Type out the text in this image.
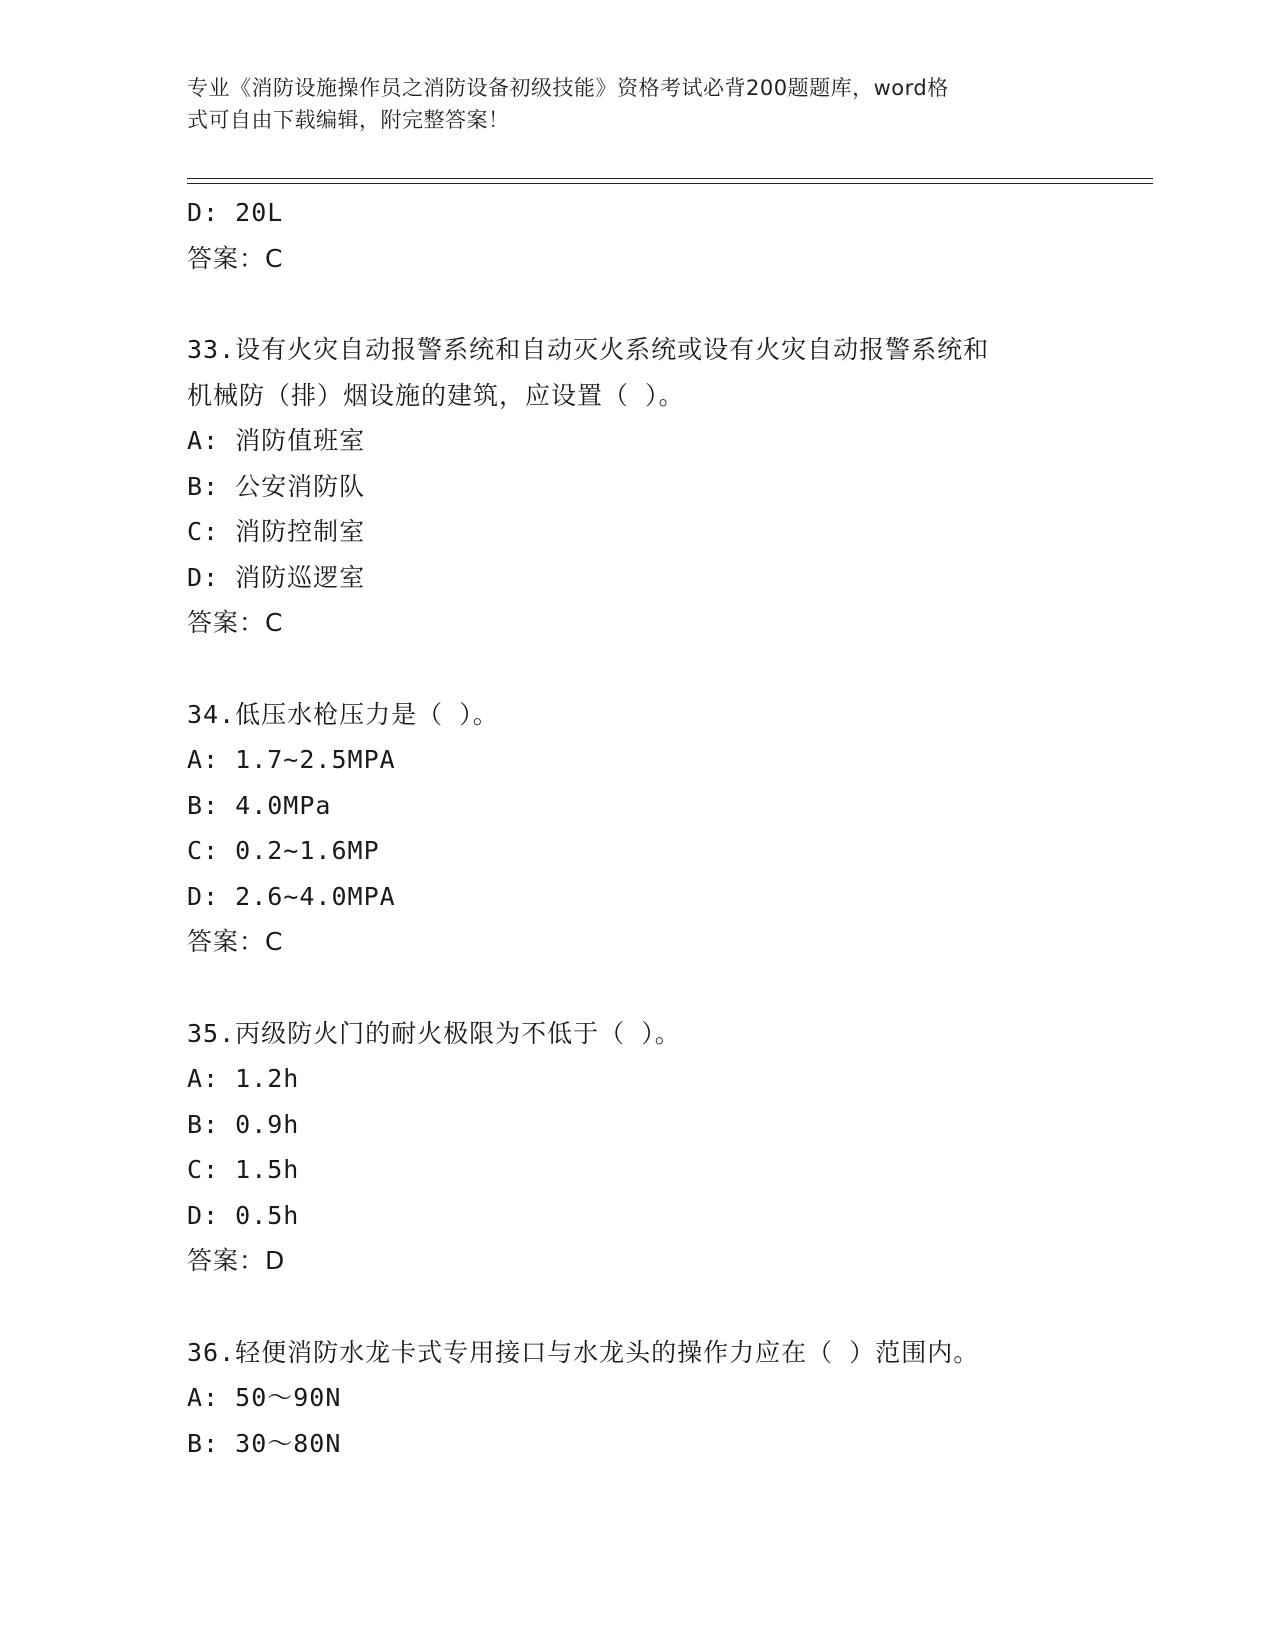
专业《消防设施操作员之消防设备初级技能》资格考试必背200题题库，word格
式可自由下载编辑，附完整答案！
D: 20L
答案：C
33.设有火灾自动报警系统和自动灭火系统或设有火灾自动报警系统和
机械防（排）烟设施的建筑，应设置（ ）。
A: 消防值班室
B: 公安消防队
C: 消防控制室
D: 消防巡逻室
答案：C
34.低压水枪压力是（ ）。
A: 1.7~2.5MPA
B: 4.0MPa
C: 0.2~1.6MP
D: 2.6~4.0MPA
答案：C
35.丙级防火门的耐火极限为不低于（ ）。
A: 1.2h
B: 0.9h
C: 1.5h
D: 0.5h
答案：D
36.轻便消防水龙卡式专用接口与水龙头的操作力应在（ ）范围内。
A: 50～90N
B: 30～80N
